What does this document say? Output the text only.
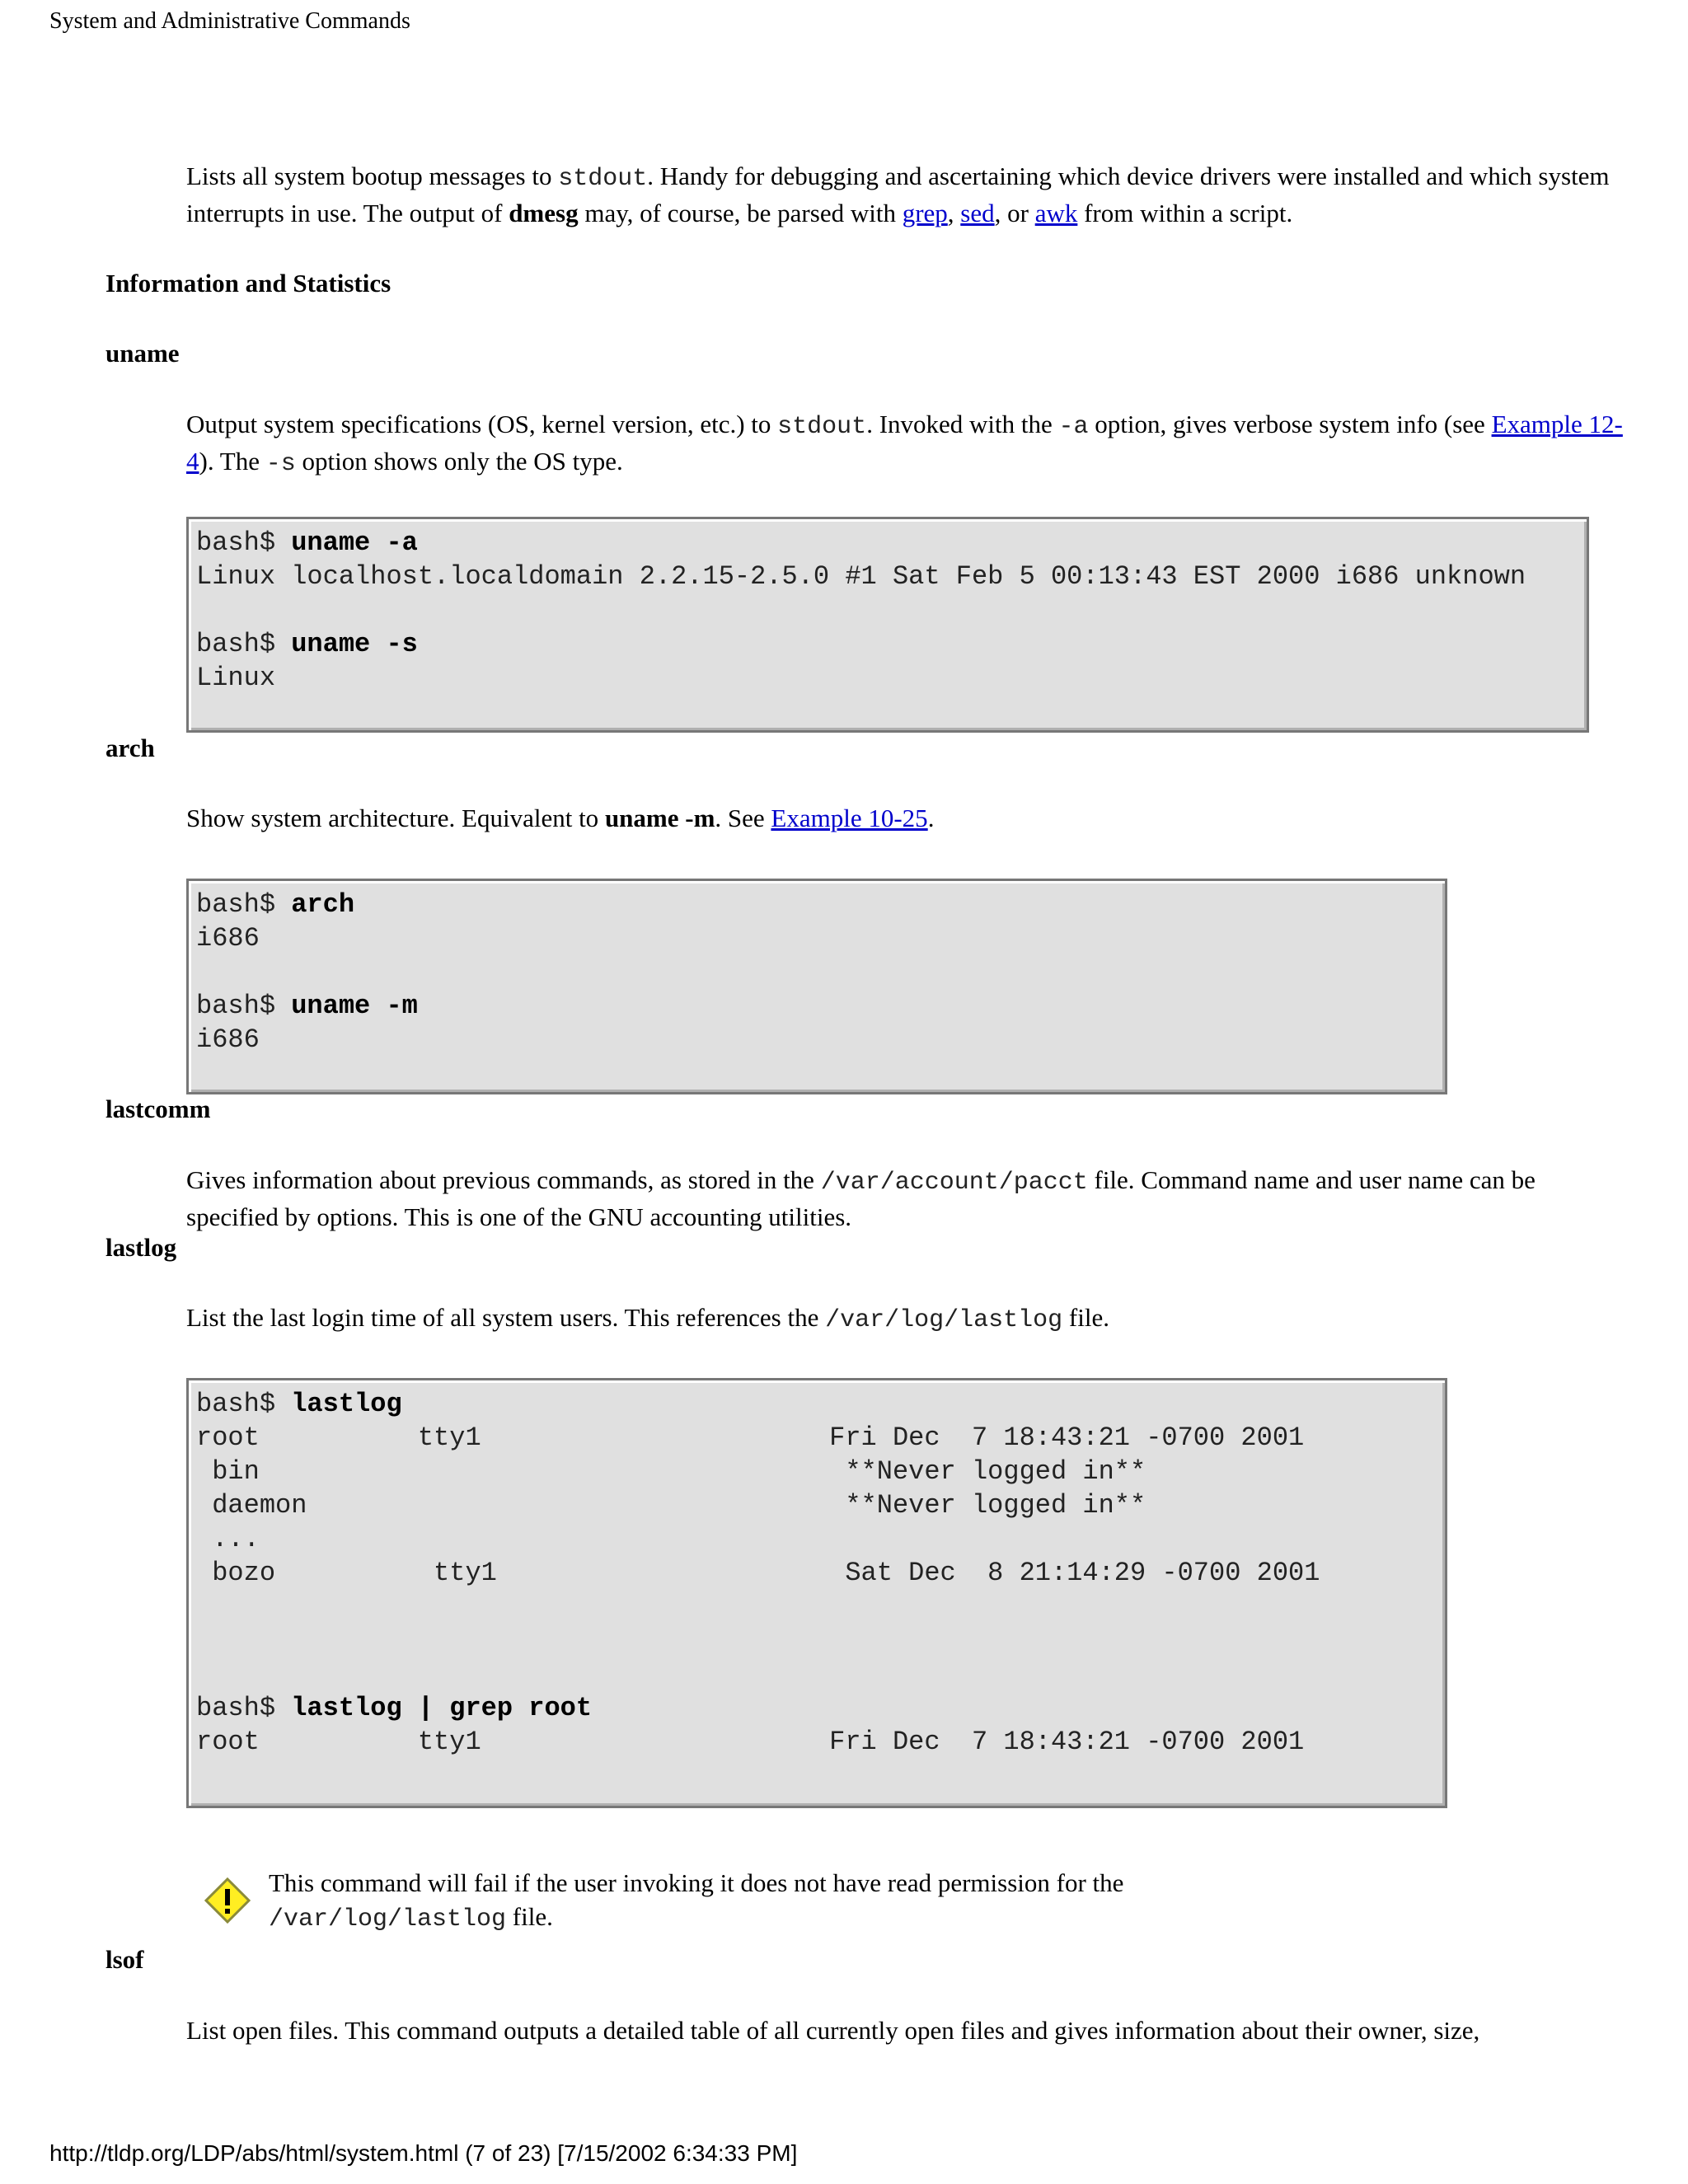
System and Administrative Commands
Lists all system bootup messages to stdout. Handy for debugging and ascertaining which device drivers were installed and which system interrupts in use. The output of dmesg may, of course, be parsed with grep, sed, or awk from within a script.
Information and Statistics
uname
Output system specifications (OS, kernel version, etc.) to stdout. Invoked with the -a option, gives verbose system info (see Example 12-4). The -s option shows only the OS type.
bash$ uname -a
Linux localhost.localdomain 2.2.15-2.5.0 #1 Sat Feb 5 00:13:43 EST 2000 i686 unknown

bash$ uname -s
Linux
arch
Show system architecture. Equivalent to uname -m. See Example 10-25.
bash$ arch
i686

bash$ uname -m
i686
lastcomm
Gives information about previous commands, as stored in the /var/account/pacct file. Command name and user name can be specified by options. This is one of the GNU accounting utilities.
lastlog
List the last login time of all system users. This references the /var/log/lastlog file.
bash$ lastlog
root          tty1                      Fri Dec  7 18:43:21 -0700 2001
bin                                     **Never logged in**
daemon                                  **Never logged in**
...
bozo          tty1                      Sat Dec  8 21:14:29 -0700 2001

bash$ lastlog | grep root
root          tty1                      Fri Dec  7 18:43:21 -0700 2001
This command will fail if the user invoking it does not have read permission for the /var/log/lastlog file.
lsof
List open files. This command outputs a detailed table of all currently open files and gives information about their owner, size,
http://tldp.org/LDP/abs/html/system.html (7 of 23) [7/15/2002 6:34:33 PM]
